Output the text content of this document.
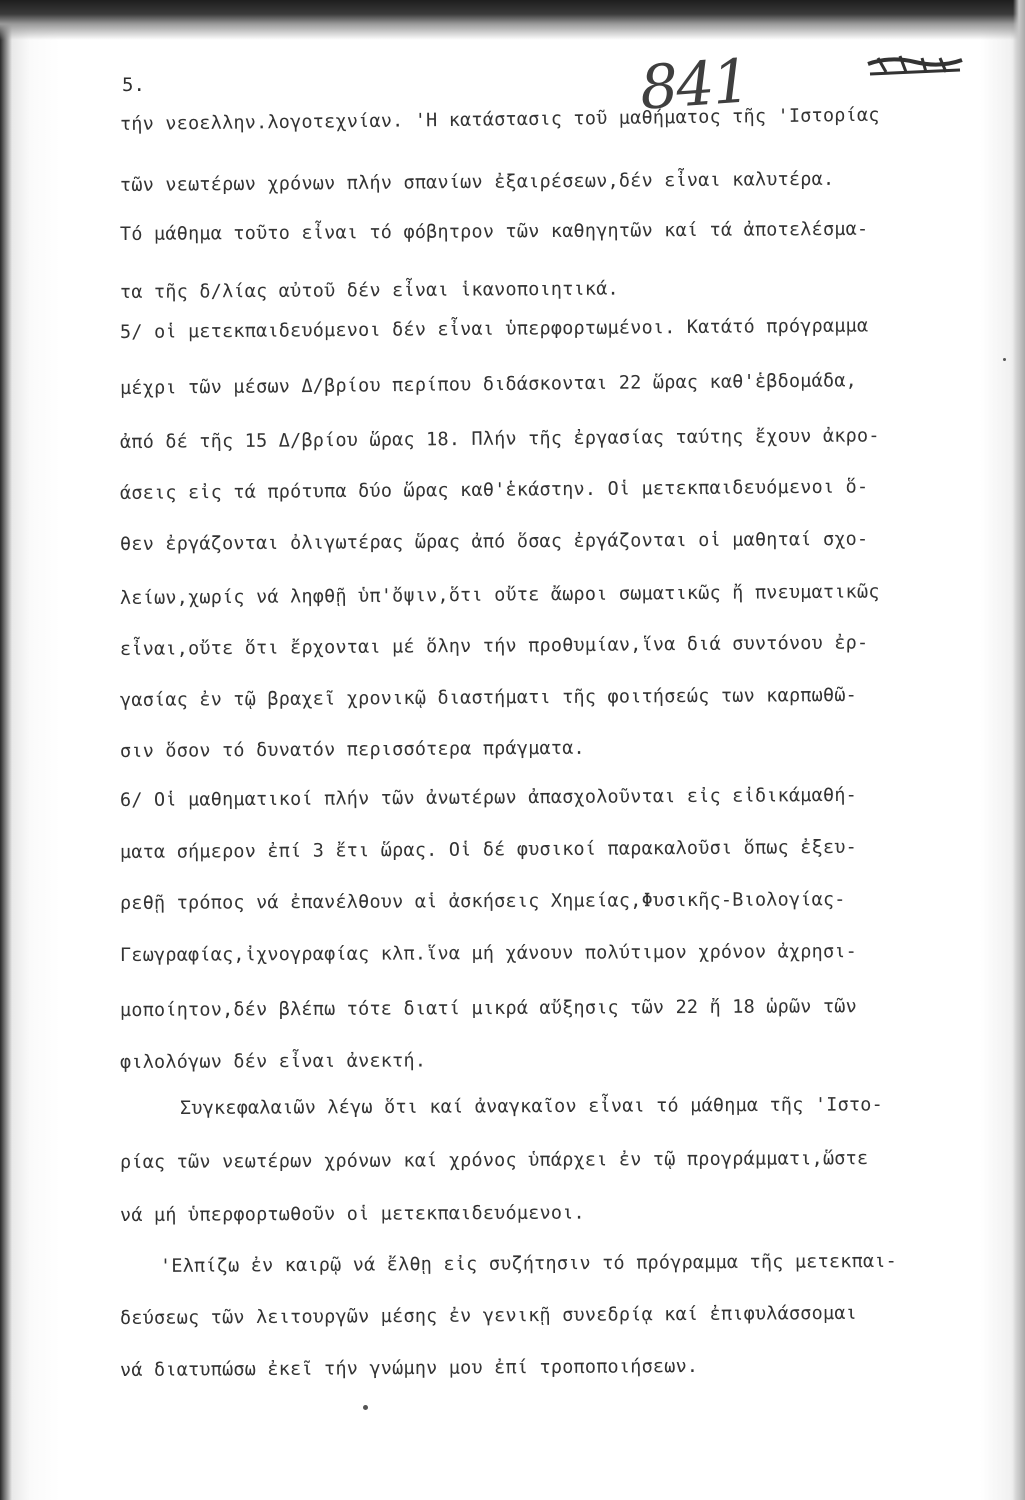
5.	841
τήν νεοελλην.λογοτεχνίαν. 'Η κατάστασις τοῦ μαθήματος τῆς 'Ιστορίας
τῶν νεωτέρων χρόνων πλήν σπανίων ἐξαιρέσεων,δέν εἶναι καλυτέρα.
Τό μάθημα τοῦτο εἶναι τό φόβητρον τῶν καθηγητῶν καί τά ἀποτελέσμα-
τα τῆς δ/λίας αὐτοῦ δέν εἶναι ἱκανοποιητικά.
5/ οἱ μετεκπαιδευόμενοι δέν εἶναι ὑπερφορτωμένοι. Κατάτό πρόγραμμα
μέχρι τῶν μέσων Δ/βρίου περίπου διδάσκονται 22 ὥρας καθ'ἑβδομάδα,
ἀπό δέ τῆς 15 Δ/βρίου ὥρας 18. Πλήν τῆς ἐργασίας ταύτης ἔχουν ἀκρο-
άσεις εἰς τά πρότυπα δύο ὥρας καθ'ἑκάστην. Οἱ μετεκπαιδευόμενοι ὅ-
θεν ἐργάζονται ὀλιγωτέρας ὥρας ἀπό ὅσας ἐργάζονται οἱ μαθηταί σχο-
λείων,χωρίς νά ληφθῇ ὑπ'ὄψιν,ὅτι οὔτε ἄωροι σωματικῶς ἤ πνευματικῶς
εἶναι,οὔτε ὅτι ἔρχονται μέ ὅλην τήν προθυμίαν,ἵνα διά συντόνου ἐρ-
γασίας ἐν τῷ βραχεῖ χρονικῷ διαστήματι τῆς φοιτήσεώς των καρπωθῶ-
σιν ὅσον τό δυνατόν περισσότερα πράγματα.
6/ Οἱ μαθηματικοί πλήν τῶν ἀνωτέρων ἀπασχολοῦνται εἰς εἰδικάμαθή-
ματα σήμερον ἐπί 3 ἔτι ὥρας. Οἱ δέ φυσικοί παρακαλοῦσι ὅπως ἐξευ-
ρεθῇ τρόπος νά ἐπανέλθουν αἱ ἀσκήσεις Χημείας,Φυσικῆς-Βιολογίας-
Γεωγραφίας,ἰχνογραφίας κλπ.ἵνα μή χάνουν πολύτιμον χρόνον ἀχρησι-
μοποίητον,δέν βλέπω τότε διατί μικρά αὔξησις τῶν 22 ἤ 18 ὡρῶν τῶν
φιλολόγων δέν εἶναι ἀνεκτή.
Συγκεφαλαιῶν λέγω ὅτι καί ἀναγκαῖον εἶναι τό μάθημα τῆς 'Ιστο-
ρίας τῶν νεωτέρων χρόνων καί χρόνος ὑπάρχει ἐν τῷ προγράμματι,ὥστε
νά μή ὑπερφορτωθοῦν οἱ μετεκπαιδευόμενοι.
'Ελπίζω ἐν καιρῷ νά ἔλθῃ εἰς συζήτησιν τό πρόγραμμα τῆς μετεκπαι-
δεύσεως τῶν λειτουργῶν μέσης ἐν γενικῇ συνεδρίᾳ καί ἐπιφυλάσσομαι
νά διατυπώσω ἐκεῖ τήν γνώμην μου ἐπί τροποποιήσεων.
